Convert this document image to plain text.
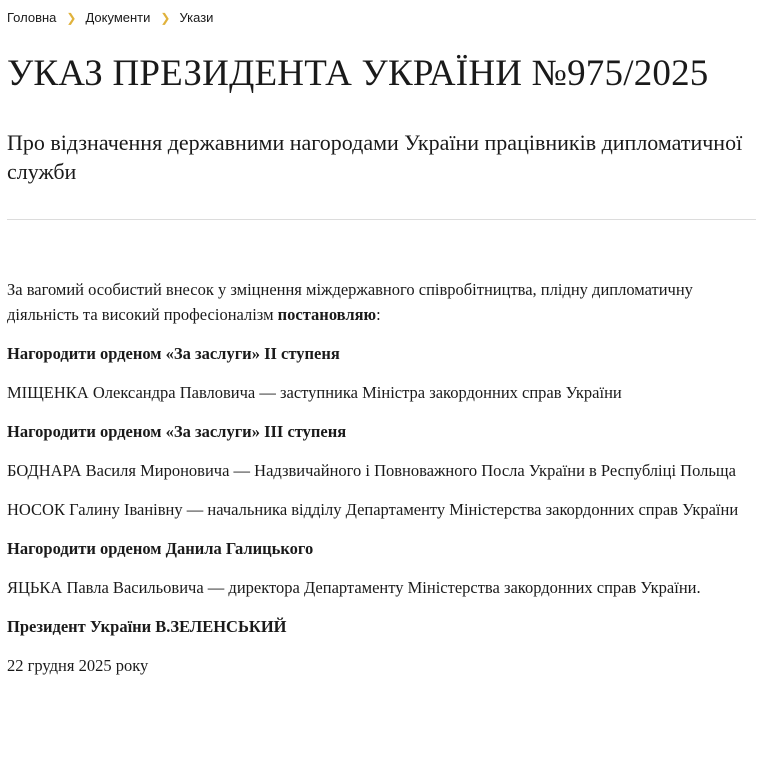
Головна ❯ Документи ❯ Укази
УКАЗ ПРЕЗИДЕНТА УКРАЇНИ №975/2025
Про відзначення державними нагородами України працівників дипломатичної служби

За вагомий особистий внесок у зміцнення міждержавного співробітництва, плідну дипломатичну діяльність та високий професіоналізм постановляю:

Нагородити орденом «За заслуги» ІІ ступеня

МІЩЕНКА Олександра Павловича — заступника Міністра закордонних справ України

Нагородити орденом «За заслуги» ІІІ ступеня

БОДНАРА Василя Мироновича — Надзвичайного і Повноважного Посла України в Республіці Польща

НОСОК Галину Іванівну — начальника відділу Департаменту Міністерства закордонних справ України

Нагородити орденом Данила Галицького

ЯЦЬКА Павла Васильовича — директора Департаменту Міністерства закордонних справ України.

Президент України В.ЗЕЛЕНСЬКИЙ

22 грудня 2025 року
